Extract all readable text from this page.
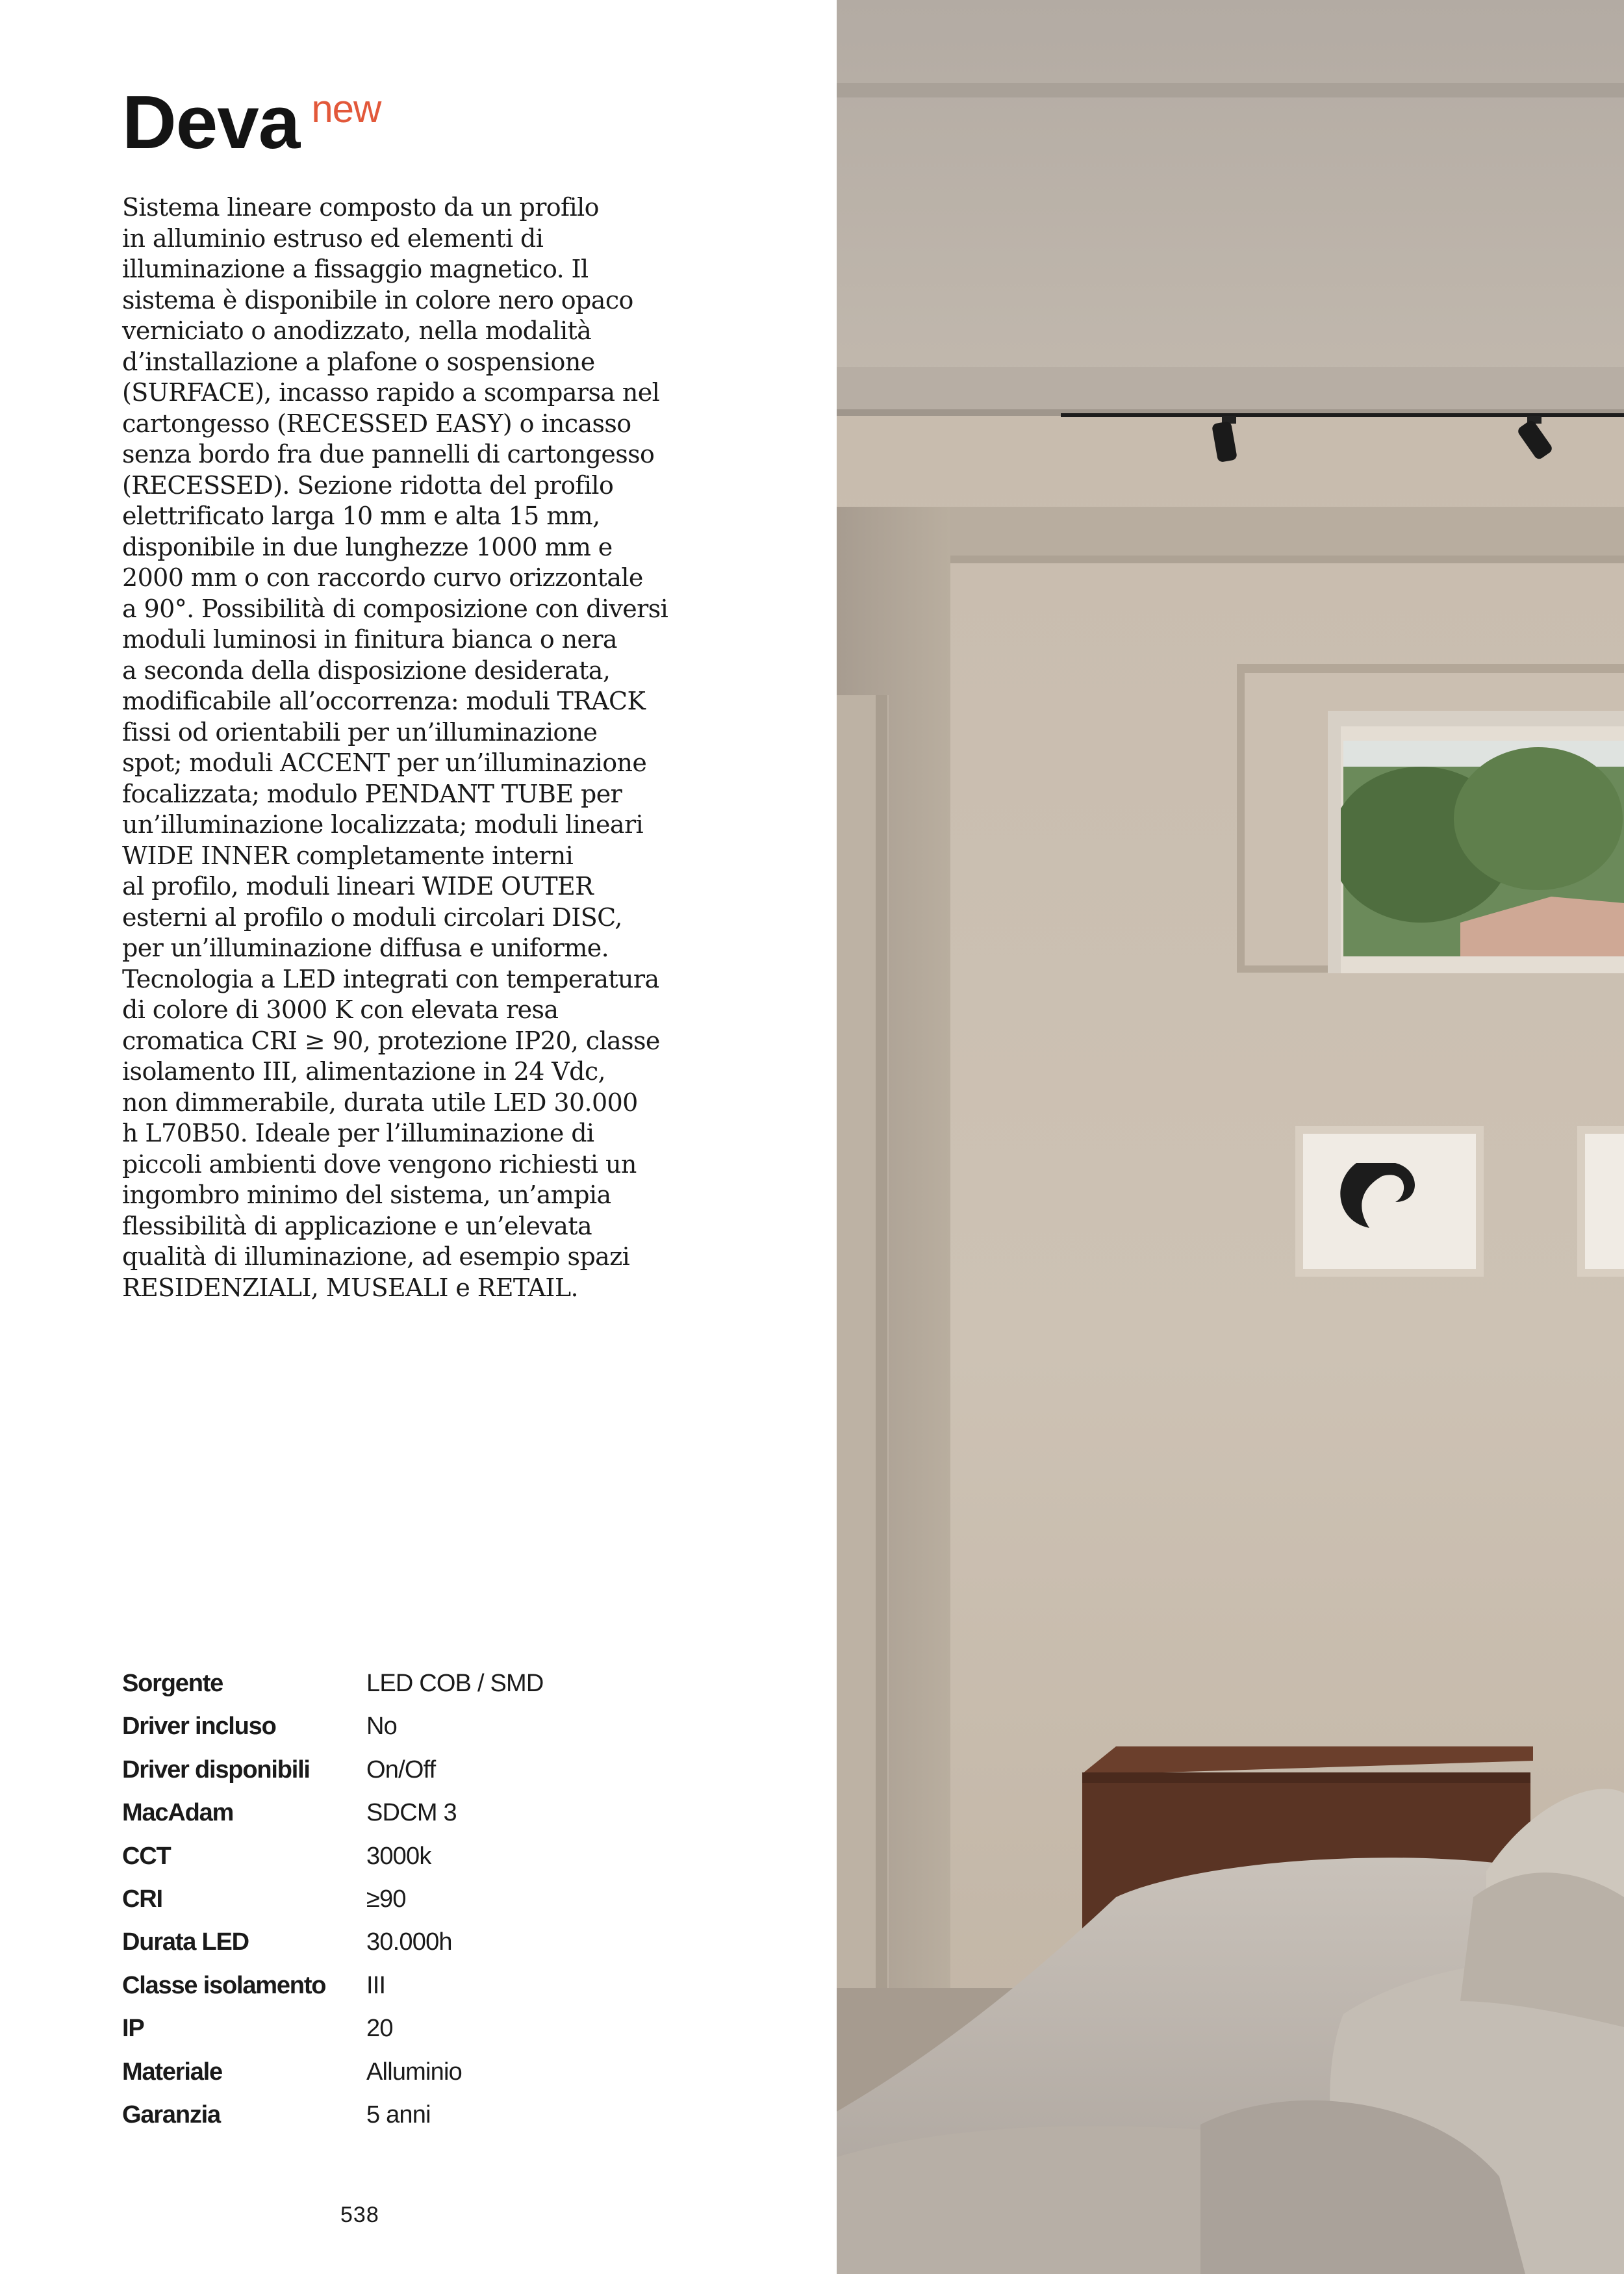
Deva $^{new}$
Sistema lineare composto da un profilo
in alluminio estruso ed elementi di
illuminazione a fissaggio magnetico. Il
sistema è disponibile in colore nero opaco
verniciato o anodizzato, nella modalità
d’installazione a plafone o sospensione
(SURFACE), incasso rapido a scomparsa nel
cartongesso (RECESSED EASY) o incasso
senza bordo fra due pannelli di cartongesso
(RECESSED). Sezione ridotta del profilo
elettrificato larga 10 mm e alta 15 mm,
disponibile in due lunghezze 1000 mm e
2000 mm o con raccordo curvo orizzontale
a 90°. Possibilità di composizione con diversi
moduli luminosi in finitura bianca o nera
a seconda della disposizione desiderata,
modificabile all’occorrenza: moduli TRACK
fissi od orientabili per un’illuminazione
spot; moduli ACCENT per un’illuminazione
focalizzata; modulo PENDANT TUBE per
un’illuminazione localizzata; moduli lineari
WIDE INNER completamente interni
al profilo, moduli lineari WIDE OUTER
esterni al profilo o moduli circolari DISC,
per un’illuminazione diffusa e uniforme.
Tecnologia a LED integrati con temperatura
di colore di 3000 K con elevata resa
cromatica CRI ≥ 90, protezione IP20, classe
isolamento III, alimentazione in 24 Vdc,
non dimmerabile, durata utile LED 30.000
h L70B50. Ideale per l’illuminazione di
piccoli ambienti dove vengono richiesti un
ingombro minimo del sistema, un’ampia
flessibilità di applicazione e un’elevata
qualità di illuminazione, ad esempio spazi
RESIDENZIALI, MUSEALI e RETAIL.
Sorgente	LED COB / SMD
Driver incluso	No
Driver disponibili On/Off
MacAdam	SDCM 3
CCT	3000k
CRI	≥90
Durata LED	30.000h
Classe isolamento III
IP	20
Materiale	Alluminio
Garanzia	5 anni
538
